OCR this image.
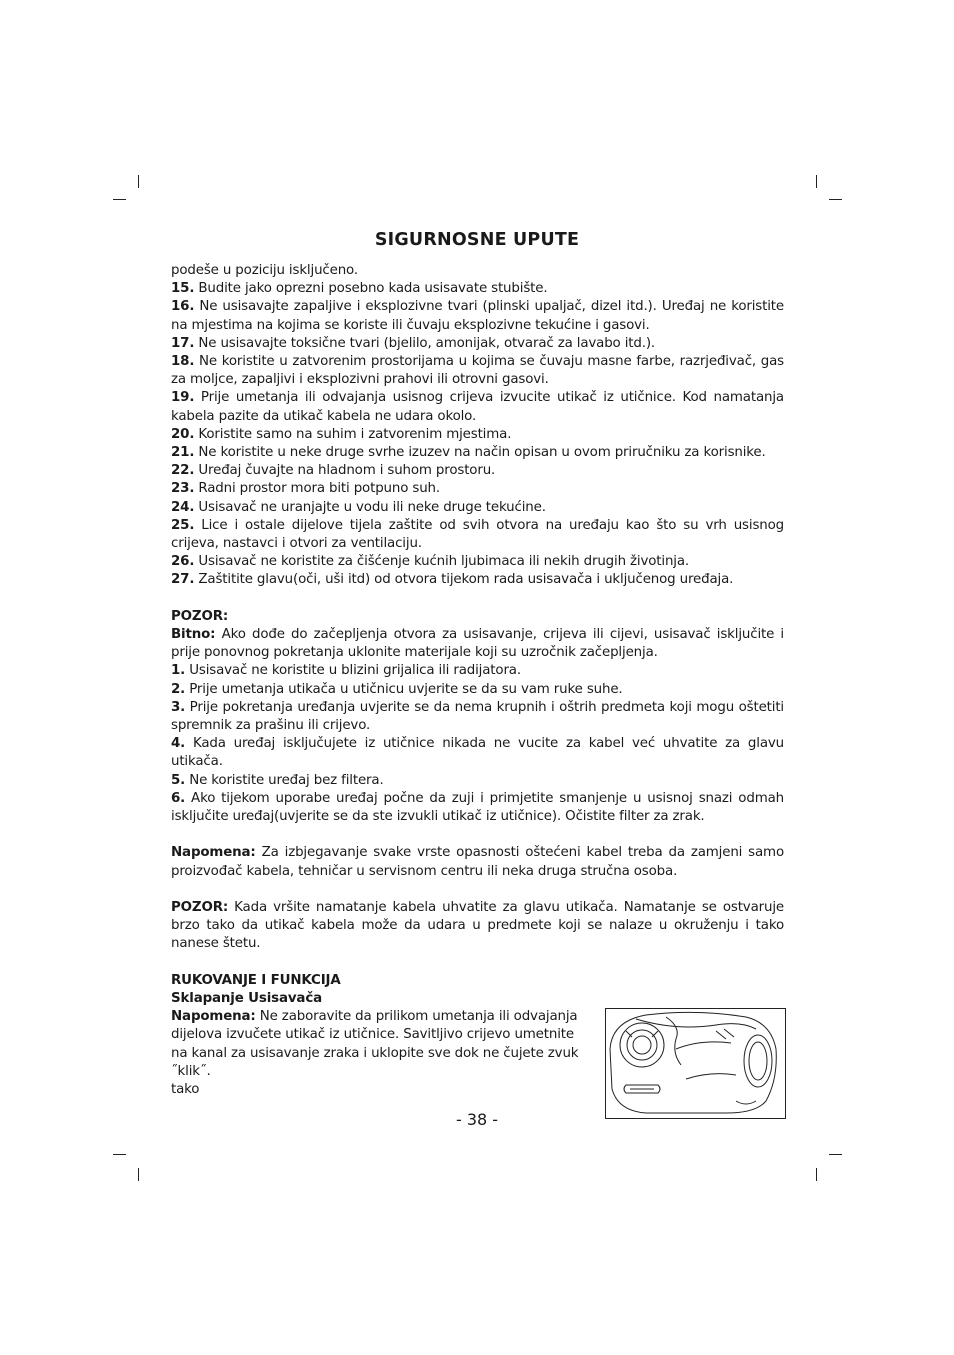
SIGURNOSNE UPUTE

podeše u poziciju isključeno.

15. Budite jako oprezni posebno kada usisavate stubište.

16. Ne usisavajte zapaljive i eksplozivne tvari (plinski upaljač, dizel itd.). Uređaj ne koristite na mjestima na kojima se koriste ili čuvaju eksplozivne tekućine i gasovi.

17. Ne usisavajte toksične tvari (bjelilo, amonijak, otvarač za lavabo itd.).

18. Ne koristite u zatvorenim prostorijama u kojima se čuvaju masne farbe, razrjeđivač, gas za moljce, zapaljivi i eksplozivni prahovi ili otrovni gasovi.

19. Prije umetanja ili odvajanja usisnog crijeva izvucite utikač iz utičnice. Kod namatanja kabela pazite da utikač kabela ne udara okolo.

20. Koristite samo na suhim i zatvorenim mjestima.

21. Ne koristite u neke druge svrhe izuzev na način opisan u ovom priručniku za korisnike.

22. Uređaj čuvajte na hladnom i suhom prostoru.

23. Radni prostor mora biti potpuno suh.

24. Usisavač ne uranjajte u vodu ili neke druge tekućine.

25. Lice i ostale dijelove tijela zaštite od svih otvora na uređaju kao što su vrh usisnog crijeva, nastavci i otvori za ventilaciju.

26. Usisavač ne koristite za čišćenje kućnih ljubimaca ili nekih drugih životinja.

27. Zaštitite glavu(oči, uši itd) od otvora tijekom rada usisavača i uključenog uređaja.

POZOR:

Bitno: Ako dođe do začepljenja otvora za usisavanje, crijeva ili cijevi, usisavač isključite i prije ponovnog pokretanja uklonite materijale koji su uzročnik začepljenja.

1. Usisavač ne koristite u blizini grijalica ili radijatora.

2. Prije umetanja utikača u utičnicu uvjerite se da su vam ruke suhe.

3. Prije pokretanja uređanja uvjerite se da nema krupnih i oštrih predmeta koji mogu oštetiti spremnik za prašinu ili crijevo.

4. Kada uređaj isključujete iz utičnice nikada ne vucite za kabel već uhvatite za glavu utikača.

5. Ne koristite uređaj bez filtera.

6. Ako tijekom uporabe uređaj počne da zuji i primjetite smanjenje u usisnoj snazi odmah isključite uređaj(uvjerite se da ste izvukli utikač iz utičnice). Očistite filter za zrak.

Napomena: Za izbjegavanje svake vrste opasnosti oštećeni kabel treba da zamjeni samo proizvođač kabela, tehničar u servisnom centru ili neka druga stručna osoba.

POZOR: Kada vršite namatanje kabela uhvatite za glavu utikača. Namatanje se ostvaruje brzo tako da utikač kabela može da udara u predmete koji se nalaze u okruženju i tako nanese štetu.

RUKOVANJE I FUNKCIJA

Sklapanje Usisavača

Napomena: Ne zaboravite da prilikom umetanja ili odvajanja dijelova izvučete utikač iz utičnice. Savitljivo crijevo umetnite na kanal za usisavanje zraka i uklopite sve dok ne čujete zvuk ˝klik˝.

tako

- 38 -
